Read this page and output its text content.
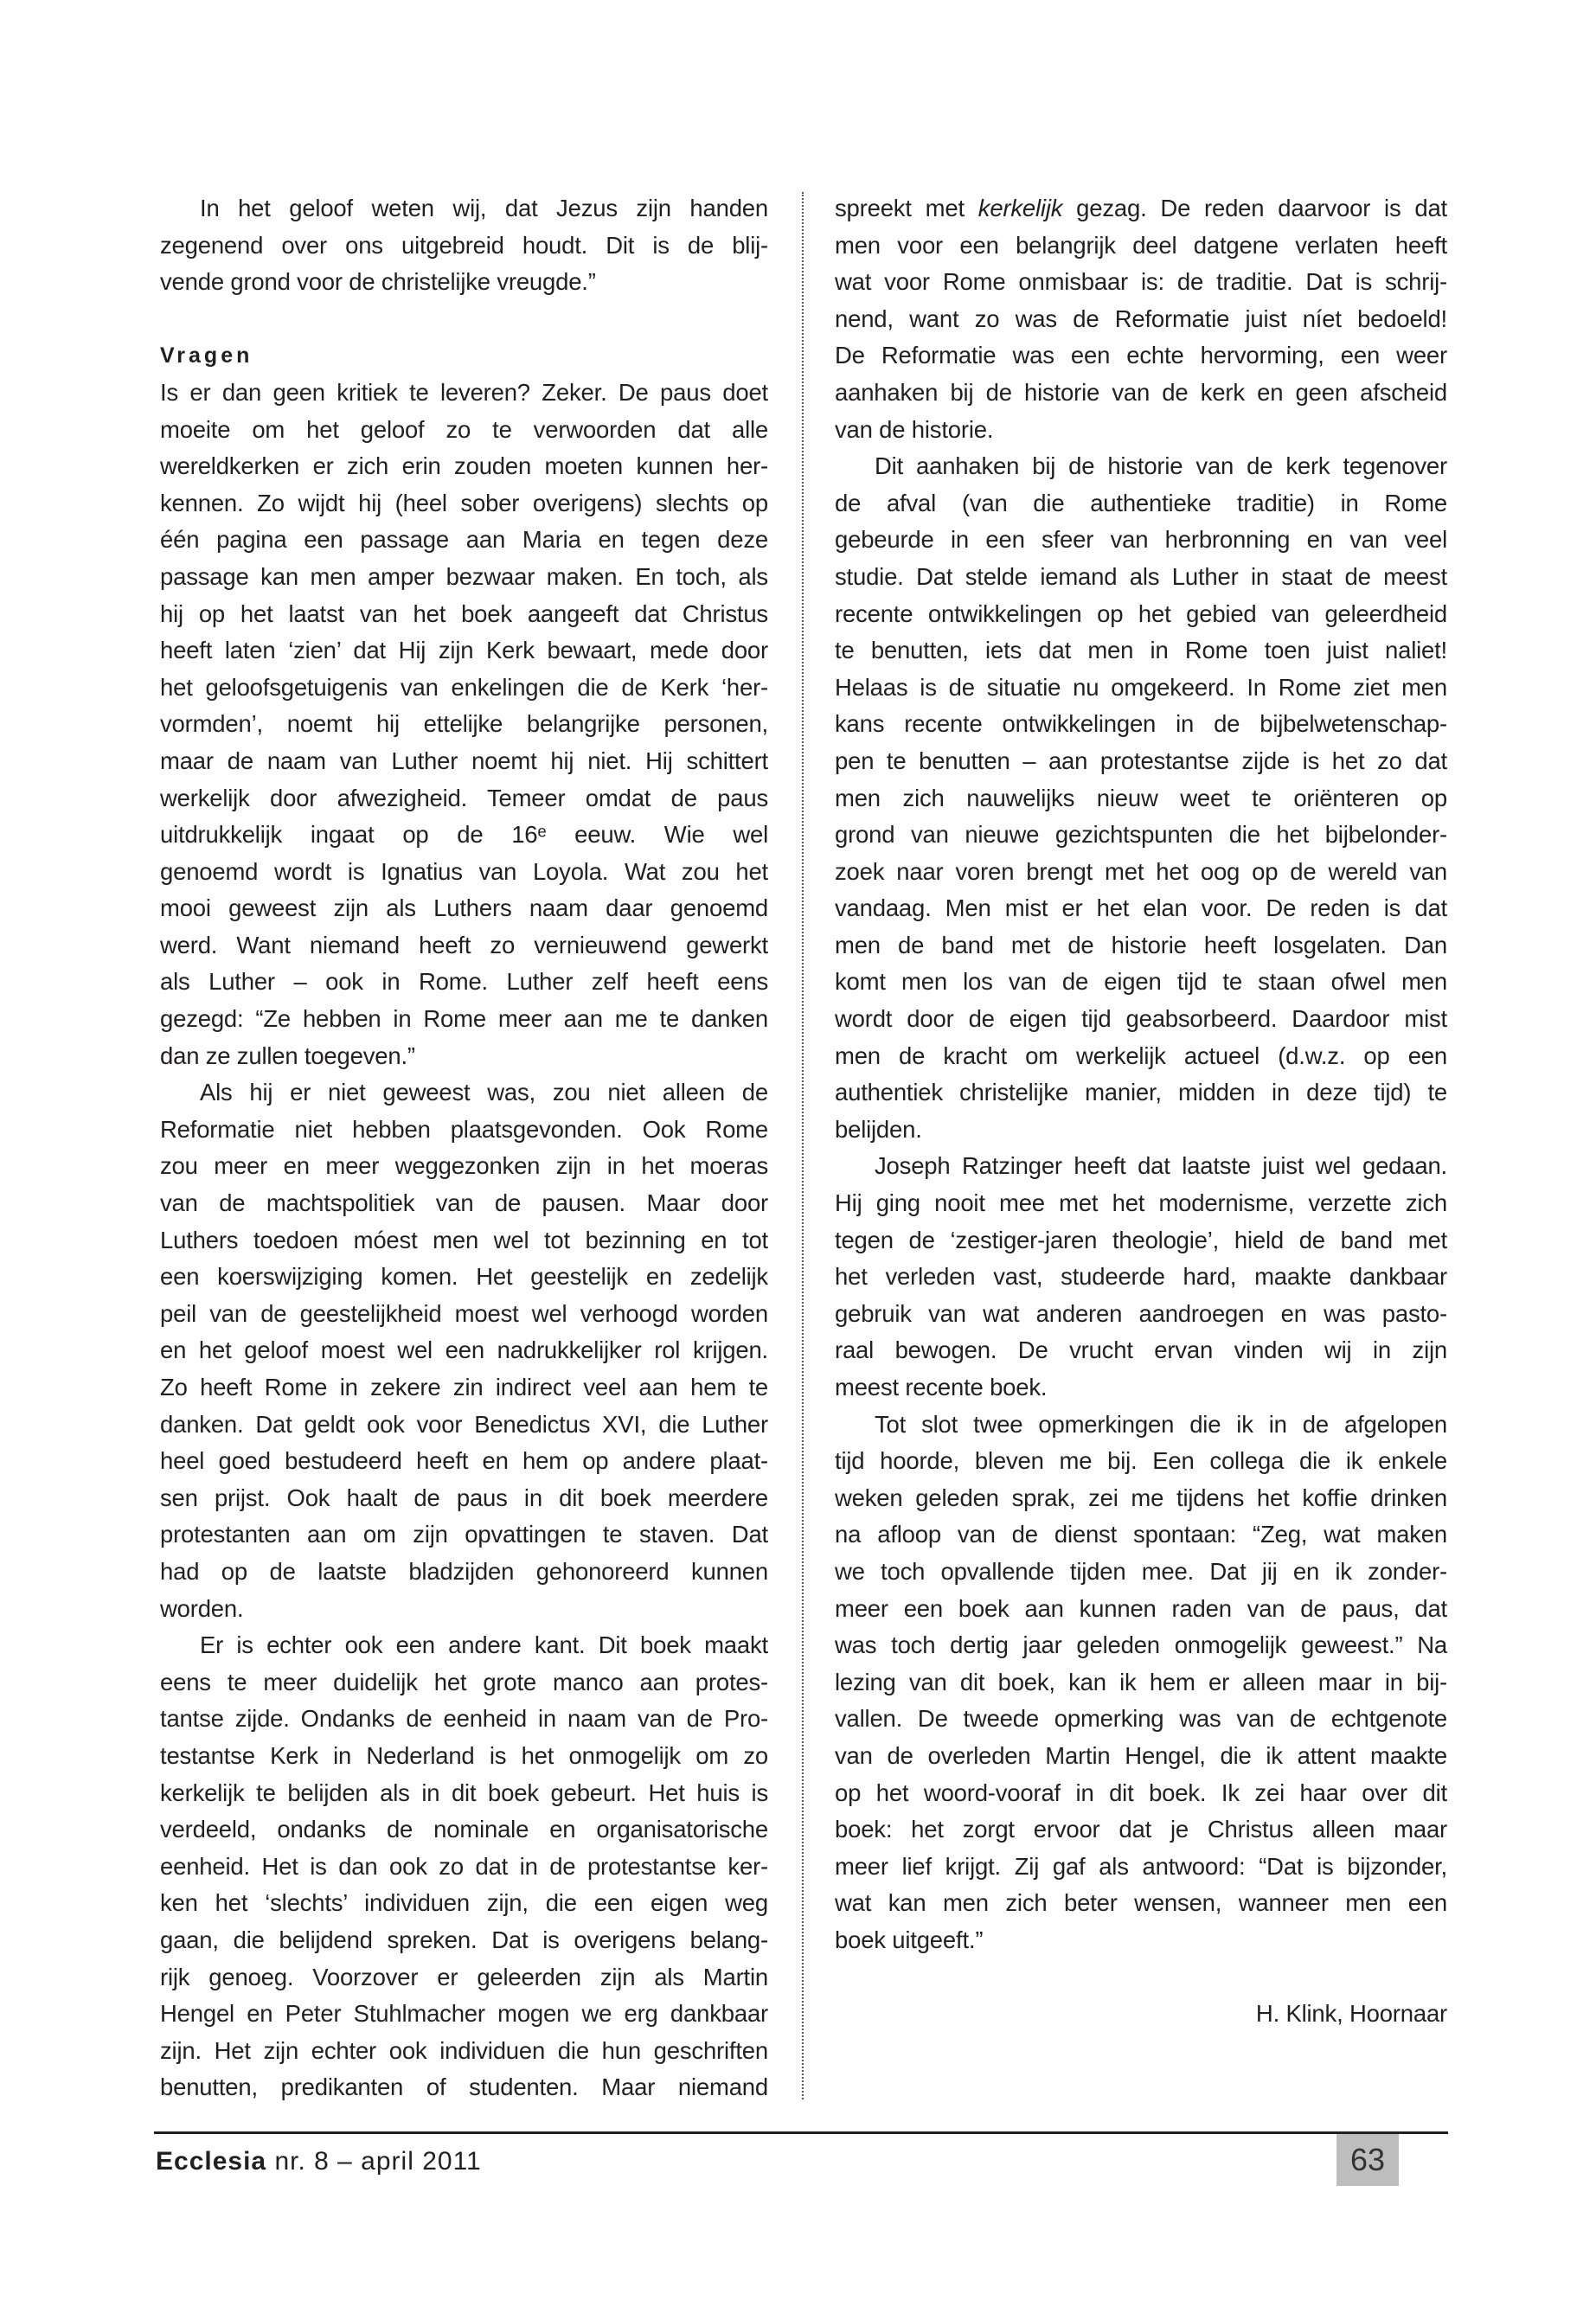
In het geloof weten wij, dat Jezus zijn handen
zegenend over ons uitgebreid houdt. Dit is de blij-
vende grond voor de christelijke vreugde.”
Vragen
Is er dan geen kritiek te leveren? Zeker. De paus doet
moeite om het geloof zo te verwoorden dat alle
wereldkerken er zich erin zouden moeten kunnen her-
kennen. Zo wijdt hij (heel sober overigens) slechts op
één pagina een passage aan Maria en tegen deze
passage kan men amper bezwaar maken. En toch, als
hij op het laatst van het boek aangeeft dat Christus
heeft laten ‘zien’ dat Hij zijn Kerk bewaart, mede door
het geloofsgetuigenis van enkelingen die de Kerk ‘her-
vormden’, noemt hij ettelijke belangrijke personen,
maar de naam van Luther noemt hij niet. Hij schittert
werkelijk door afwezigheid. Temeer omdat de paus
uitdrukkelijk ingaat op de 16ᵉ eeuw. Wie wel
genoemd wordt is Ignatius van Loyola. Wat zou het
mooi geweest zijn als Luthers naam daar genoemd
werd. Want niemand heeft zo vernieuwend gewerkt
als Luther – ook in Rome. Luther zelf heeft eens
gezegd: “Ze hebben in Rome meer aan me te danken
dan ze zullen toegeven.”
Als hij er niet geweest was, zou niet alleen de
Reformatie niet hebben plaatsgevonden. Ook Rome
zou meer en meer weggezonken zijn in het moeras
van de machtspolitiek van de pausen. Maar door
Luthers toedoen móest men wel tot bezinning en tot
een koerswijziging komen. Het geestelijk en zedelijk
peil van de geestelijkheid moest wel verhoogd worden
en het geloof moest wel een nadrukkelijker rol krijgen.
Zo heeft Rome in zekere zin indirect veel aan hem te
danken. Dat geldt ook voor Benedictus XVI, die Luther
heel goed bestudeerd heeft en hem op andere plaat-
sen prijst. Ook haalt de paus in dit boek meerdere
protestanten aan om zijn opvattingen te staven. Dat
had op de laatste bladzijden gehonoreerd kunnen
worden.
Er is echter ook een andere kant. Dit boek maakt
eens te meer duidelijk het grote manco aan protes-
tantse zijde. Ondanks de eenheid in naam van de Pro-
testantse Kerk in Nederland is het onmogelijk om zo
kerkelijk te belijden als in dit boek gebeurt. Het huis is
verdeeld, ondanks de nominale en organisatorische
eenheid. Het is dan ook zo dat in de protestantse ker-
ken het ‘slechts’ individuen zijn, die een eigen weg
gaan, die belijdend spreken. Dat is overigens belang-
rijk genoeg. Voorzover er geleerden zijn als Martin
Hengel en Peter Stuhlmacher mogen we erg dankbaar
zijn. Het zijn echter ook individuen die hun geschriften
benutten, predikanten of studenten. Maar niemand
spreekt met kerkelijk gezag. De reden daarvoor is dat
men voor een belangrijk deel datgene verlaten heeft
wat voor Rome onmisbaar is: de traditie. Dat is schrij-
nend, want zo was de Reformatie juist níet bedoeld!
De Reformatie was een echte hervorming, een weer
aanhaken bij de historie van de kerk en geen afscheid
van de historie.
Dit aanhaken bij de historie van de kerk tegenover
de afval (van die authentieke traditie) in Rome
gebeurde in een sfeer van herbronning en van veel
studie. Dat stelde iemand als Luther in staat de meest
recente ontwikkelingen op het gebied van geleerdheid
te benutten, iets dat men in Rome toen juist naliet!
Helaas is de situatie nu omgekeerd. In Rome ziet men
kans recente ontwikkelingen in de bijbelwetenschap-
pen te benutten – aan protestantse zijde is het zo dat
men zich nauwelijks nieuw weet te oriënteren op
grond van nieuwe gezichtspunten die het bijbelonder-
zoek naar voren brengt met het oog op de wereld van
vandaag. Men mist er het elan voor. De reden is dat
men de band met de historie heeft losgelaten. Dan
komt men los van de eigen tijd te staan ofwel men
wordt door de eigen tijd geabsorbeerd. Daardoor mist
men de kracht om werkelijk actueel (d.w.z. op een
authentiek christelijke manier, midden in deze tijd) te
belijden.
Joseph Ratzinger heeft dat laatste juist wel gedaan.
Hij ging nooit mee met het modernisme, verzette zich
tegen de ‘zestiger-jaren theologie’, hield de band met
het verleden vast, studeerde hard, maakte dankbaar
gebruik van wat anderen aandroegen en was pasto-
raal bewogen. De vrucht ervan vinden wij in zijn
meest recente boek.
Tot slot twee opmerkingen die ik in de afgelopen
tijd hoorde, bleven me bij. Een collega die ik enkele
weken geleden sprak, zei me tijdens het koffie drinken
na afloop van de dienst spontaan: “Zeg, wat maken
we toch opvallende tijden mee. Dat jij en ik zonder-
meer een boek aan kunnen raden van de paus, dat
was toch dertig jaar geleden onmogelijk geweest.” Na
lezing van dit boek, kan ik hem er alleen maar in bij-
vallen. De tweede opmerking was van de echtgenote
van de overleden Martin Hengel, die ik attent maakte
op het woord-vooraf in dit boek. Ik zei haar over dit
boek: het zorgt ervoor dat je Christus alleen maar
meer lief krijgt. Zij gaf als antwoord: “Dat is bijzonder,
wat kan men zich beter wensen, wanneer men een
boek uitgeeft.”
H. Klink, Hoornaar
Ecclesia nr. 8 – april 2011	63
